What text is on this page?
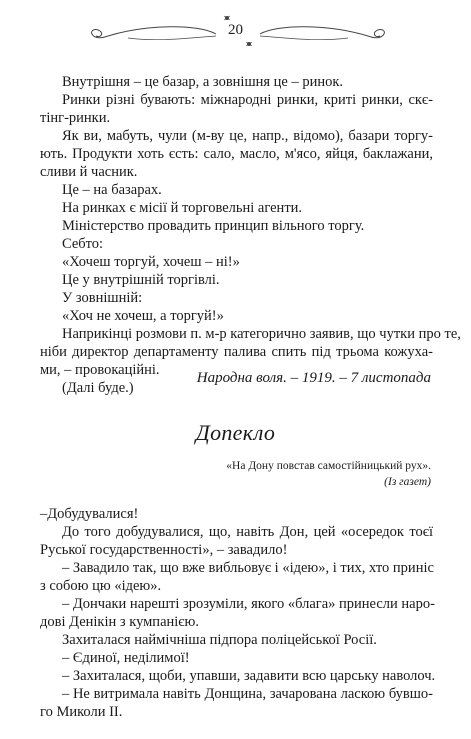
20
Внутрішня – це базар, а зовнішня це – ринок.
Ринки різні бувають: міжнародні ринки, криті ринки, скє-
тінг-ринки.
Як ви, мабуть, чули (м-ву це, напр., відомо), базари торгу-
ють. Продукти хоть єсть: сало, масло, м'ясо, яйця, баклажани,
сливи й часник.
Це – на базарах.
На ринках є місії й торговельні агенти.
Міністерство провадить принцип вільного торгу.
Себто:
«Хочеш торгуй, хочеш – ні!»
Це у внутрішній торгівлі.
У зовнішній:
«Хоч не хочеш, а торгуй!»
Наприкінці розмови п. м-р категорично заявив, що чутки про те,
ніби директор департаменту палива спить під трьома кожуха-
ми, – провокаційні.
(Далі буде.)
Народна воля. – 1919. – 7 листопада
Допекло
«На Дону повстав самостійницький рух».
(Із газет)
–Добудувалися!
До того добудувалися, що, навіть Дон, цей «осередок тоєї
Руської государственності», – завадило!
– Завадило так, що вже вибльовує і «ідею», і тих, хто приніс
з собою цю «ідею».
– Дончаки нарешті зрозуміли, якого «блага» принесли наро-
дові Денікін з кумпанією.
Захиталася наймічніша підпора поліцейської Росії.
– Єдиної, неділимої!
– Захиталася, щоби, упавши, задавити всю царську наволоч.
– Не витримала навіть Донщина, зачарована ласкою бувшо-
го Миколи ІІ.
